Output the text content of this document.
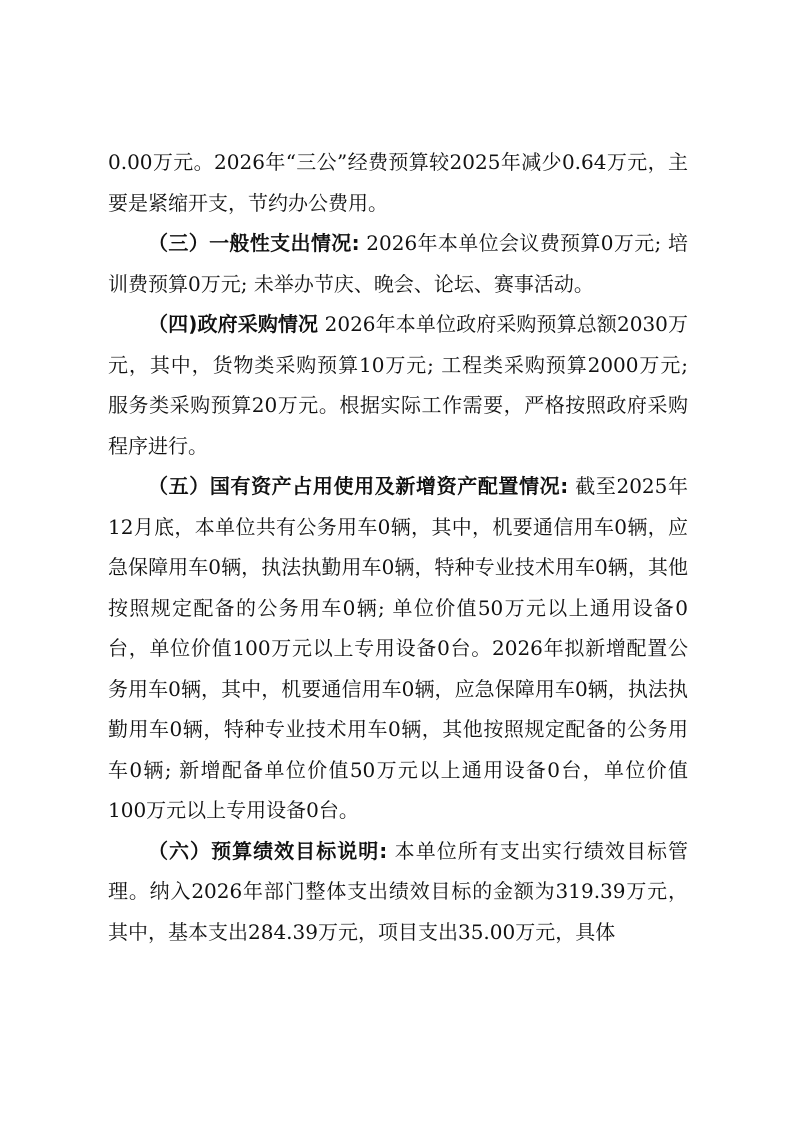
0.00万元。2026年“三公”经费预算较2025年减少0.64万元，主要是紧缩开支，节约办公费用。

（三）一般性支出情况: 2026年本单位会议费预算0万元; 培训费预算0万元; 未举办节庆、晚会、论坛、赛事活动。

（四)政府采购情况 2026年本单位政府采购预算总额2030万元，其中，货物类采购预算10万元; 工程类采购预算2000万元; 服务类采购预算20万元。根据实际工作需要，严格按照政府采购程序进行。

（五）国有资产占用使用及新增资产配置情况: 截至2025年12月底，本单位共有公务用车0辆，其中，机要通信用车0辆，应急保障用车0辆，执法执勤用车0辆，特种专业技术用车0辆，其他按照规定配备的公务用车0辆; 单位价值50万元以上通用设备0台，单位价值100万元以上专用设备0台。2026年拟新增配置公务用车0辆，其中，机要通信用车0辆，应急保障用车0辆，执法执勤用车0辆，特种专业技术用车0辆，其他按照规定配备的公务用车0辆; 新增配备单位价值50万元以上通用设备0台，单位价值100万元以上专用设备0台。

（六）预算绩效目标说明: 本单位所有支出实行绩效目标管理。纳入2026年部门整体支出绩效目标的金额为319.39万元，其中，基本支出284.39万元，项目支出35.00万元，具体
